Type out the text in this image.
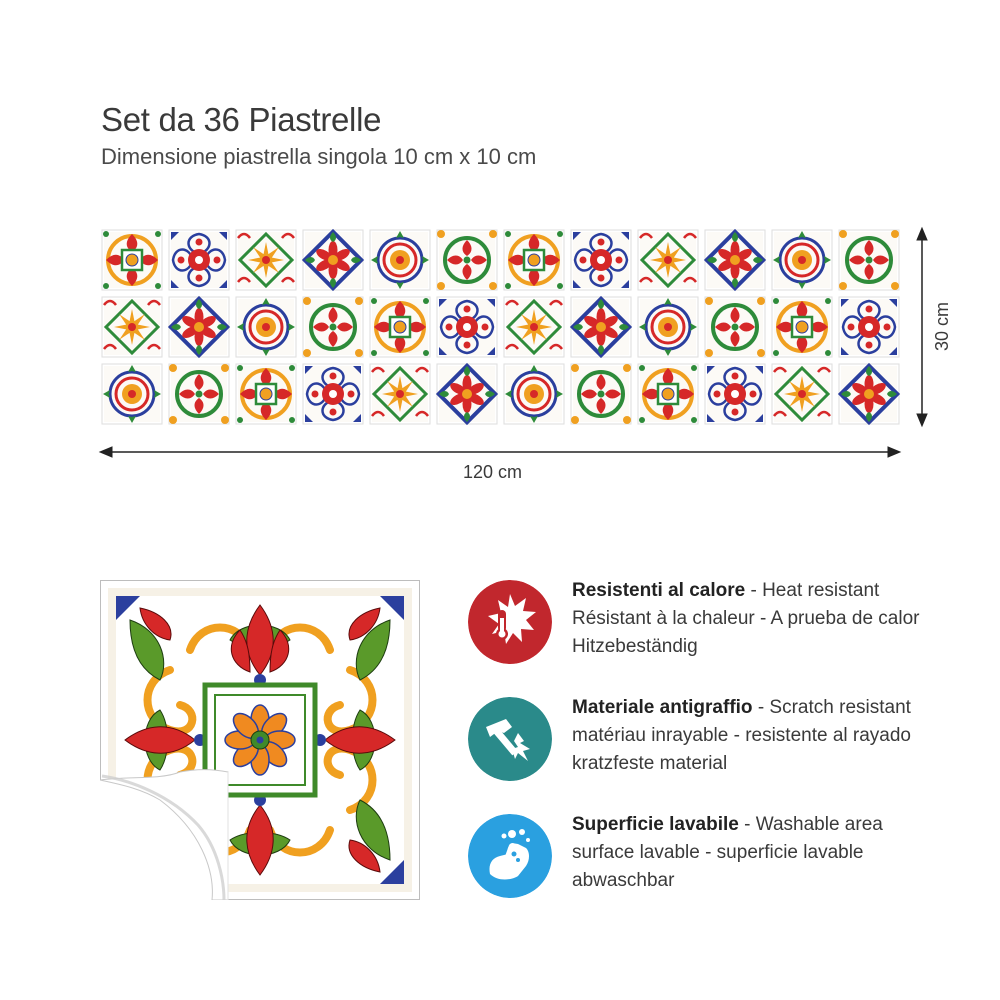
Set da 36 Piastrelle
Dimensione piastrella singola 10 cm x 10 cm
120 cm
30 cm
Resistenti al calore - Heat resistant
Résistant à la chaleur - A prueba de calor
Hitzebeständig
Materiale antigraffio - Scratch resistant
matériau inrayable - resistente al rayado
kratzfeste material
Superficie lavabile - Washable area
surface lavable - superficie lavable
abwaschbar
